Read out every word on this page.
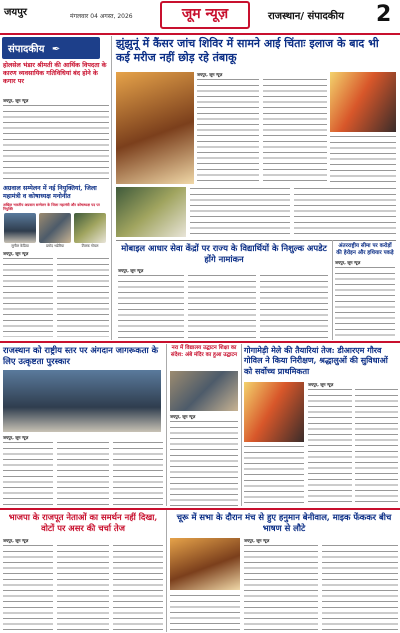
जयपुर	मंगलवार 04 अगस्त, 2026	जूम न्यूज़	राजस्थान/ संपादकीय 2
संपादकीय ✒
होलसेल भंडार श्रीमती की आर्थिक विपदता के कारण व्यवसायिक गतिविधियां बंद होने के कगार पर
जयपुर, जूम न्यूज़
अग्रवाल सम्मेलन में नई नियुक्तियां, जिला महामंत्री व कोषाध्यक्ष मनोनीत
अखिल भारतीय अग्रवाल सम्मेलन के जिला महामंत्री और कोषाध्यक्ष पद पर नियुक्ति
सुनील केडिया	प्रमोद भडेरिया	तिलक गोयल
जयपुर, जूम न्यूज़
झुंझुनूं में कैंसर जांच शिविर में सामने आई चिंताः इलाज के बाद भी कई मरीज नहीं छोड़ रहे तंबाकू
जयपुर, जूम न्यूज़
मोबाइल आधार सेवा केंद्रों पर राज्य के विद्यार्थियों के निशुल्क अपडेट होंगे नामांकन
जयपुर, जूम न्यूज़
अंतरराष्ट्रीय सीमा पर करोड़ों की हेरोइन और हथियार पकड़े
जयपुर, जूम न्यूज़
राजस्थान को राष्ट्रीय स्तर पर अंगदान जागरूकता के लिए उत्कृष्टता पुरस्कार
जयपुर, जूम न्यूज़
नरा में विद्यालय उद्घाटन शिक्षा का संदेश: अंबे मंदिर का हुआ उद्घाटन
जयपुर, जूम न्यूज़
गोगामेड़ी मेले की तैयारियां तेज: डीआरएम गौरव गोविल ने किया निरीक्षण, श्रद्धालुओं की सुविधाओं को सर्वोच्च प्राथमिकता
जयपुर, जूम न्यूज़
भाजपा के राजपूत नेताओं का समर्थन नहीं दिखा, वोटों पर असर की चर्चा तेज
जयपुर, जूम न्यूज़
चूरू में सभा के दौरान मंच से हुए हनुमान बेनीवाल, माइक फेंककर बीच भाषण से लौटे
जयपुर, जूम न्यूज़
